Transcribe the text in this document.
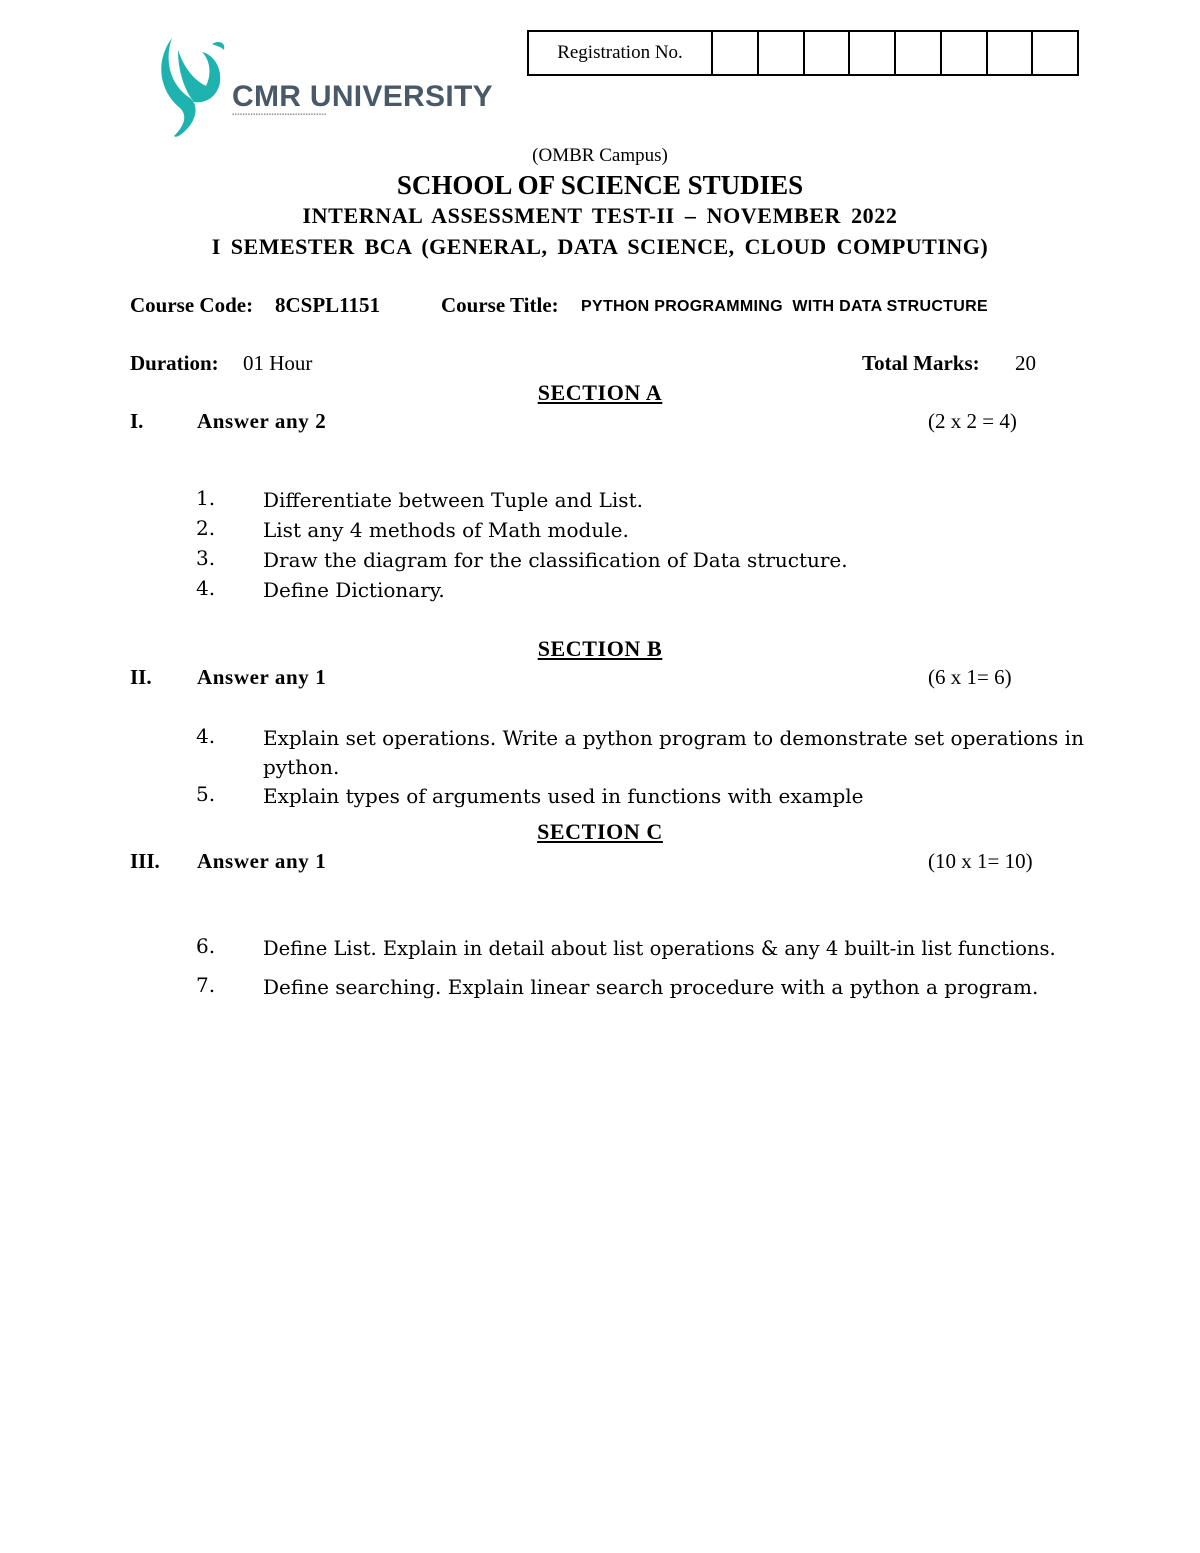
CMR UNIVERSITY
▪▪▪▪▪▪▪▪▪▪▪▪▪▪▪▪▪▪▪▪▪▪▪▪▪▪▪▪▪▪▪▪▪▪▪▪
Registration No.
(OMBR Campus)
SCHOOL OF SCIENCE STUDIES
INTERNAL ASSESSMENT TEST-II – NOVEMBER 2022
I SEMESTER BCA (GENERAL, DATA SCIENCE, CLOUD COMPUTING)
Course Code: 8CSPL1151	Course Title: PYTHON PROGRAMMING  WITH DATA STRUCTURE
Duration: 01 Hour	Total Marks: 20
SECTION A
I.	Answer any 2	(2 x 2 = 4)
1. Differentiate between Tuple and List.
2. List any 4 methods of Math module.
3. Draw the diagram for the classification of Data structure.
4. Define Dictionary.
SECTION B
II. Answer any 1	(6 x 1= 6)
4. Explain set operations. Write a python program to demonstrate set operations in python.
5. Explain types of arguments used in functions with example
SECTION C
III. Answer any 1	(10 x 1= 10)
6. Define List. Explain in detail about list operations & any 4 built-in list functions.
7. Define searching. Explain linear search procedure with a python a program.
